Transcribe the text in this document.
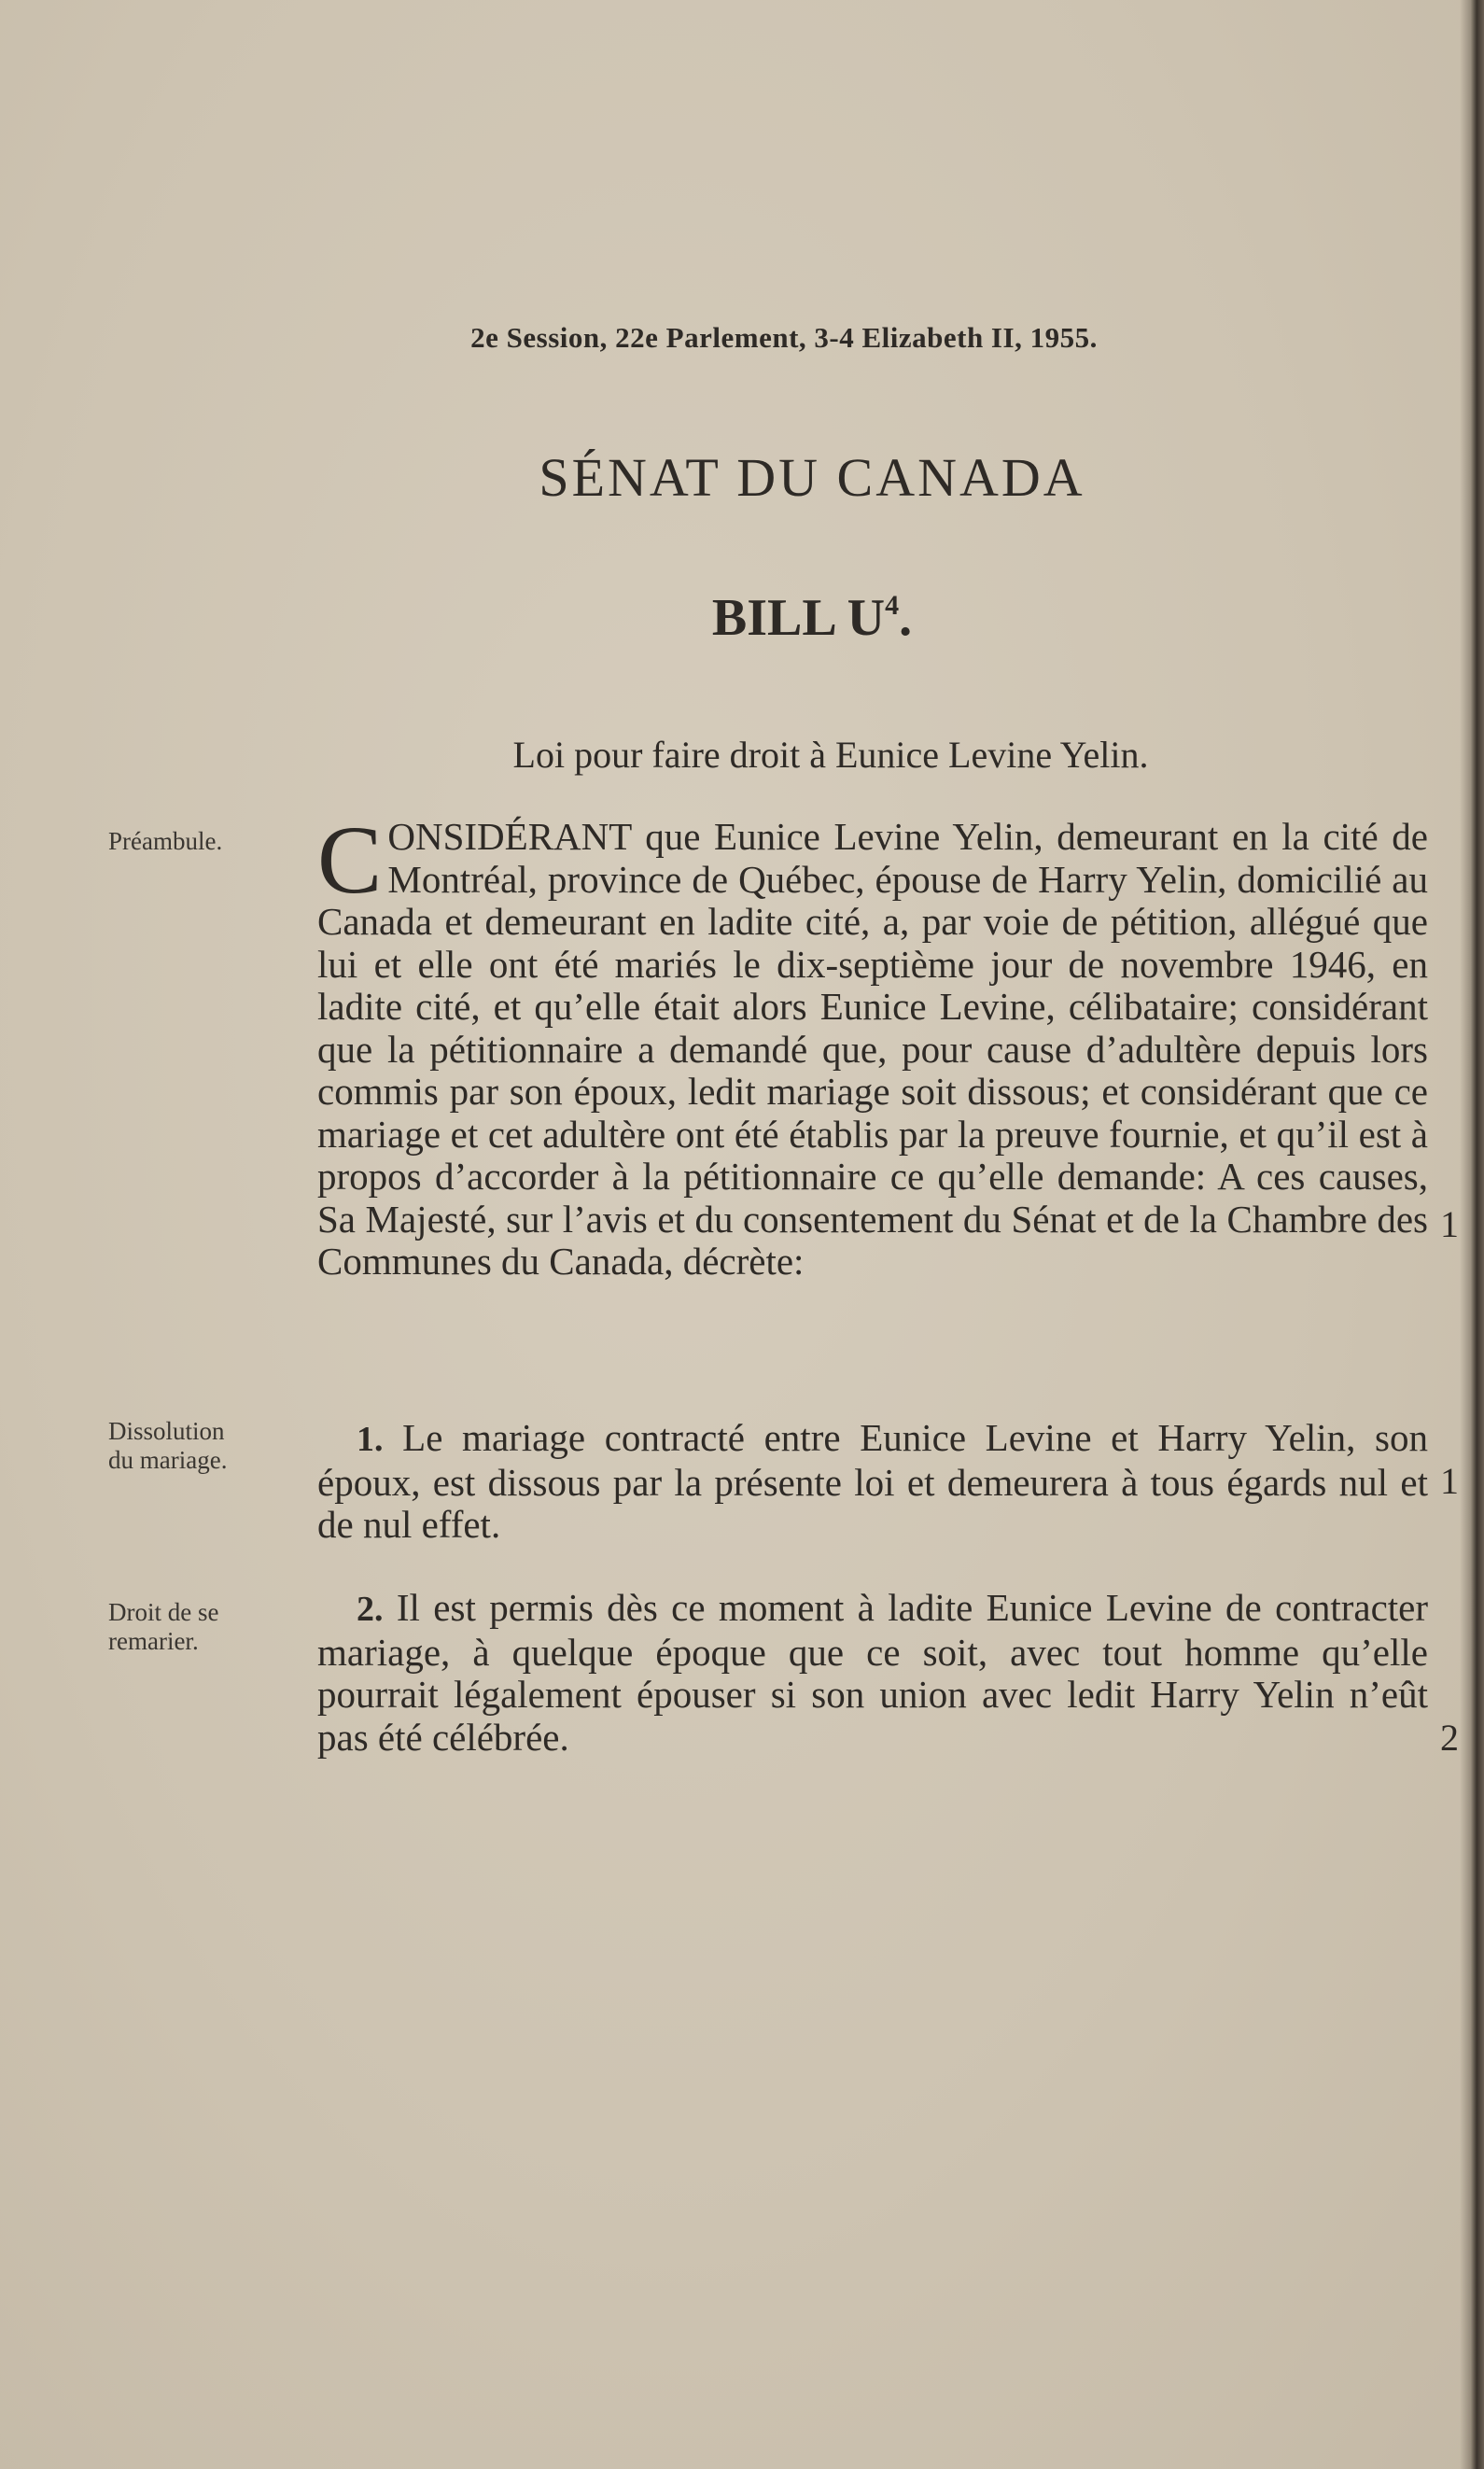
2e Session, 22e Parlement, 3-4 Elizabeth II, 1955.
SÉNAT DU CANADA
BILL $U^4$.
Loi pour faire droit à Eunice Levine Yelin.
Préambule.
Dissolution
du mariage.
Droit de se
remarier.
CONSIDÉRANT que Eunice Levine Yelin, demeurant en la cité de Montréal, province de Québec, épouse de Harry Yelin, domicilié au Canada et demeurant en ladite cité, a, par voie de pétition, allégué que lui et elle ont été mariés le dix-septième jour de novembre 1946, en ladite cité, et qu’elle était alors Eunice Levine, célibataire; considérant que la pétitionnaire a demandé que, pour cause d’adultère depuis lors commis par son époux, ledit mariage soit dissous; et considérant que ce mariage et cet adultère ont été établis par la preuve fournie, et qu’il est à propos d’accorder à la pétitionnaire ce qu’elle demande: A ces causes, Sa Majesté, sur l’avis et du consentement du Sénat et de la Chambre des Communes du Canada, décrète:
1. Le mariage contracté entre Eunice Levine et Harry Yelin, son époux, est dissous par la présente loi et demeurera à tous égards nul et de nul effet.
2. Il est permis dès ce moment à ladite Eunice Levine de contracter mariage, à quelque époque que ce soit, avec tout homme qu’elle pourrait légalement épouser si son union avec ledit Harry Yelin n’eût pas été célébrée.
1
1
2
